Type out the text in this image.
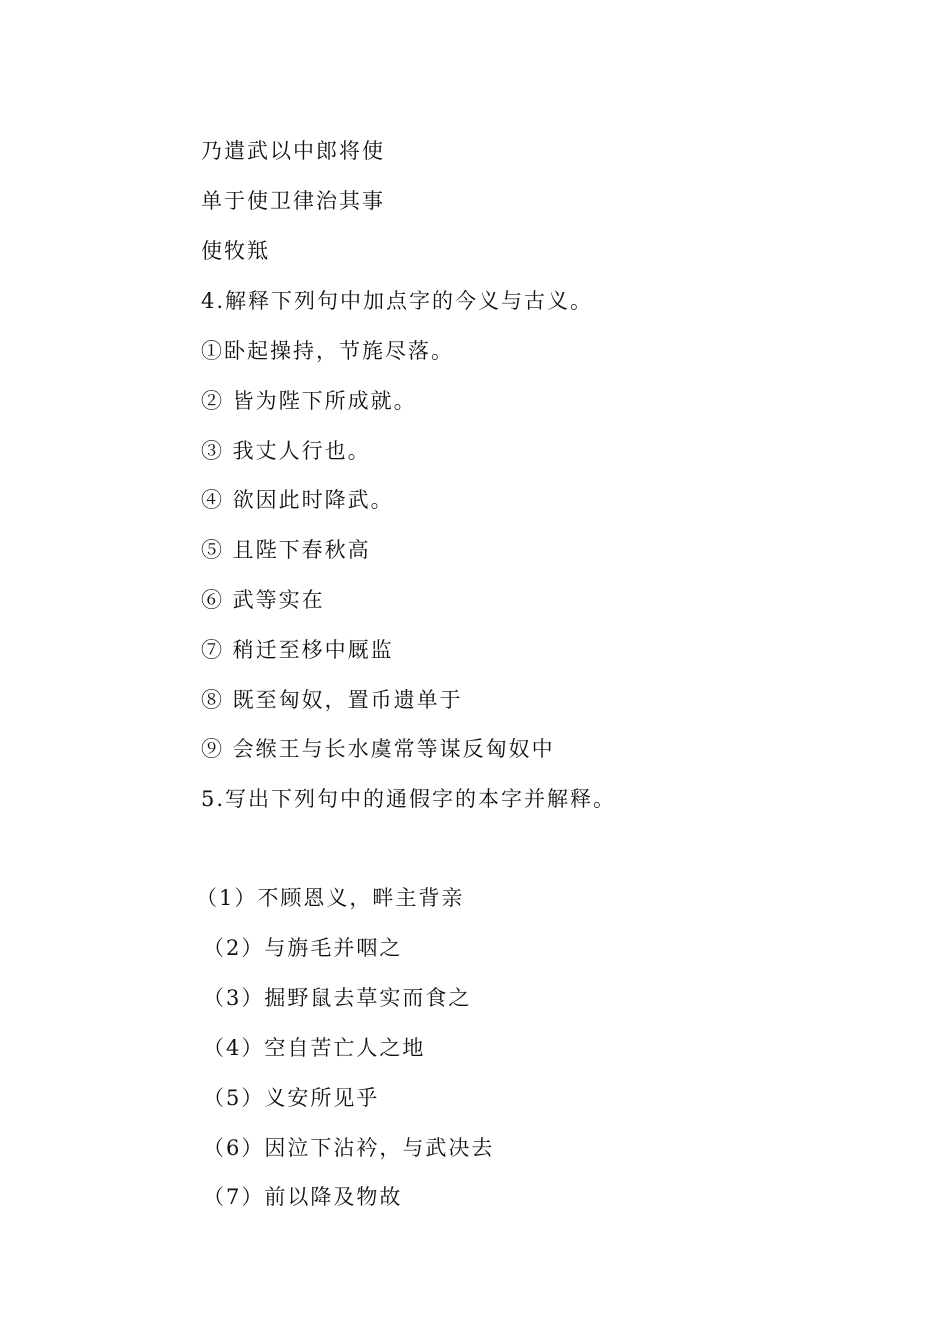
乃遣武以中郎将使
单于使卫律治其事
使牧羝
4.解释下列句中加点字的今义与古义。
①卧起操持，节旄尽落。
② 皆为陛下所成就。
③ 我丈人行也。
④ 欲因此时降武。
⑤ 且陛下春秋高
⑥ 武等实在
⑦ 稍迁至栘中厩监
⑧ 既至匈奴，置币遗单于
⑨ 会缑王与长水虞常等谋反匈奴中
5.写出下列句中的通假字的本字并解释。
（1）不顾恩义，畔主背亲
（2）与旃毛并咽之
（3）掘野鼠去草实而食之
（4）空自苦亡人之地
（5）义安所见乎
（6）因泣下沾衿，与武决去
（7）前以降及物故
